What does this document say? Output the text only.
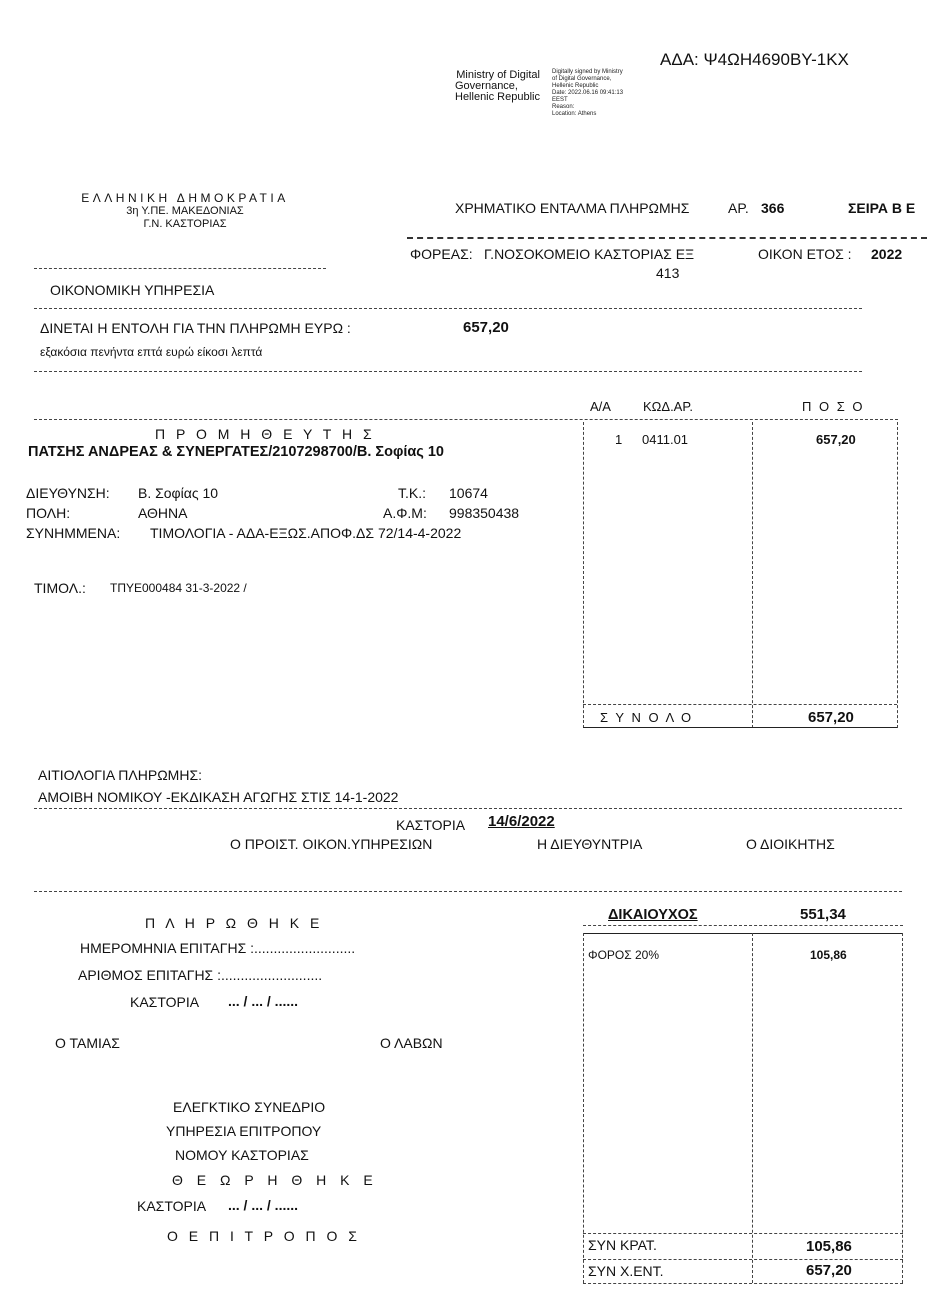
ΑΔΑ: Ψ4ΩΗ4690ΒΥ-1ΚΧ
Ministry of Digital
Governance,
Hellenic Republic
Digitally signed by Ministry
of Digital Governance,
Hellenic Republic
Date: 2022.06.16 09:41:13
EEST
Reason:
Location: Athens
ΕΛΛΗΝΙΚΗ ΔΗΜΟΚΡΑΤΙΑ
3η Υ.ΠΕ. ΜΑΚΕΔΟΝΙΑΣ
Γ.Ν. ΚΑΣΤΟΡΙΑΣ
ΟΙΚΟΝΟΜΙΚΗ ΥΠΗΡΕΣΙΑ
ΧΡΗΜΑΤΙΚΟ ΕΝΤΑΛΜΑ ΠΛΗΡΩΜΗΣ	ΑΡ. 366	ΣΕΙΡΑ Β Ε
ΦΟΡΕΑΣ: Γ.ΝΟΣΟΚΟΜΕΙΟ ΚΑΣΤΟΡΙΑΣ ΕΞ
413
ΟΙΚΟΝ ΕΤΟΣ : 2022
ΔΙΝΕΤΑΙ Η ΕΝΤΟΛΗ ΓΙΑ ΤΗΝ ΠΛΗΡΩΜΗ ΕΥΡΩ :	657,20
εξακόσια πενήντα επτά ευρώ είκοσι λεπτά
Α/Α ΚΩΔ.ΑΡ.	Π Ο Σ Ο
1 0411.01	657,20
Σ Υ Ν Ο Λ Ο	657,20
Π Ρ Ο Μ Η Θ Ε Υ Τ Η Σ
ΠΑΤΣΗΣ ΑΝΔΡΕΑΣ & ΣΥΝΕΡΓΑΤΕΣ/2107298700/Β. Σοφίας 10
ΔΙΕΥΘΥΝΣΗ: Β. Σοφίας 10	Τ.Κ.: 10674
ΠΟΛΗ:	ΑΘΗΝΑ	Α.Φ.Μ: 998350438
ΣΥΝΗΜΜΕΝΑ: ΤΙΜΟΛΟΓΙΑ - ΑΔΑ-ΕΞΩΣ.ΑΠΟΦ.ΔΣ 72/14-4-2022
ΤΙΜΟΛ.: ΤΠΥΕ000484 31-3-2022 /
ΑΙΤΙΟΛΟΓΙΑ ΠΛΗΡΩΜΗΣ:
ΑΜΟΙΒΗ ΝΟΜΙΚΟΥ -ΕΚΔΙΚΑΣΗ ΑΓΩΓΗΣ ΣΤΙΣ 14-1-2022
ΚΑΣΤΟΡΙΑ 14/6/2022
Ο ΠΡΟΙΣΤ. ΟΙΚΟΝ.ΥΠΗΡΕΣΙΩΝ	Η ΔΙΕΥΘΥΝΤΡΙΑ	Ο ΔΙΟΙΚΗΤΗΣ
Π Λ Η Ρ Ω Θ Η Κ Ε
ΗΜΕΡΟΜΗΝΙΑ ΕΠΙΤΑΓΗΣ :..........................
ΑΡΙΘΜΟΣ ΕΠΙΤΑΓΗΣ :..........................
ΚΑΣΤΟΡΙΑ ... / ... / ......
Ο ΤΑΜΙΑΣ	Ο ΛΑΒΩΝ
ΕΛΕΓΚΤΙΚΟ ΣΥΝΕΔΡΙΟ
ΥΠΗΡΕΣΙΑ ΕΠΙΤΡΟΠΟΥ
ΝΟΜΟΥ ΚΑΣΤΟΡΙΑΣ
Θ Ε Ω Ρ Η Θ Η Κ Ε
ΚΑΣΤΟΡΙΑ ... / ... / ......
Ο Ε Π Ι Τ Ρ Ο Π Ο Σ
ΔΙΚΑΙΟΥΧΟΣ	551,34
ΦΟΡΟΣ 20%	105,86
ΣΥΝ ΚΡΑΤ.	105,86
ΣΥΝ Χ.ΕΝΤ.	657,20
